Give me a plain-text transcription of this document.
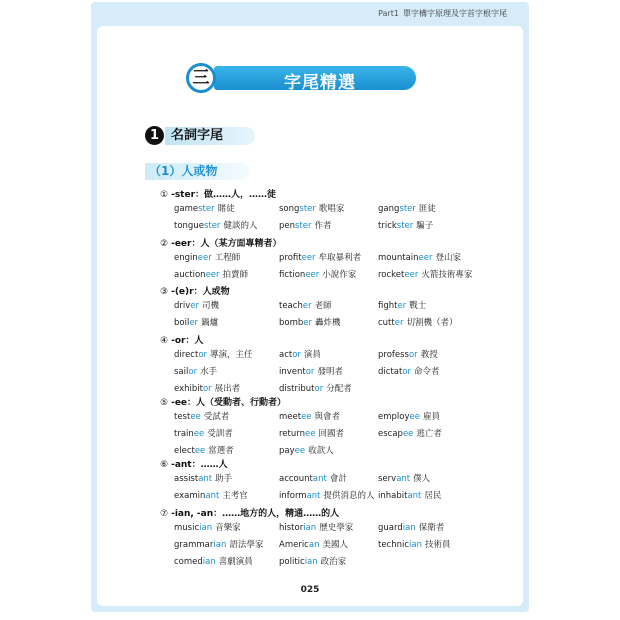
Part1 單字構字原理及字首字根字尾
字尾精選
三
1 名詞字尾
（1）人或物
① -ster：做……人，……徒
gamester 賭徒	songster 歌唱家	gangster 匪徒
tonguester 健談的人	penster 作者	trickster 騙子
② -eer：人（某方面專精者）
engineer 工程師	profiteer 牟取暴利者 mountaineer 登山家
auctioneer 拍賣師	fictioneer 小說作家	rocketeer 火箭技術專家
③ -(e)r：人或物
driver 司機	teacher 老師	fighter 戰士
boiler 鍋爐	bomber 轟炸機	cutter 切割機（者）
④ -or：人
director 導演，主任	actor 演員	professor 教授
sailor 水手	inventor 發明者	dictator 命令者
exhibitor 展出者	distributor 分配者
⑤ -ee：人（受動者、行動者）
testee 受試者	meetee 與會者	employee 雇員
trainee 受訓者	returnee 回國者	escapee 逃亡者
electee 當選者	payee 收款人
⑥ -ant：……人
assistant 助手	accountant 會計	servant 僕人
examinant 主考官	informant 提供消息的人 inhabitant 居民
⑦ -ian, -an：……地方的人，精通……的人
musician 音樂家	historian 歷史學家	guardian 保衛者
grammarian 語法學家 American 美國人	technician 技術員
comedian 喜劇演員	politician 政治家
025
